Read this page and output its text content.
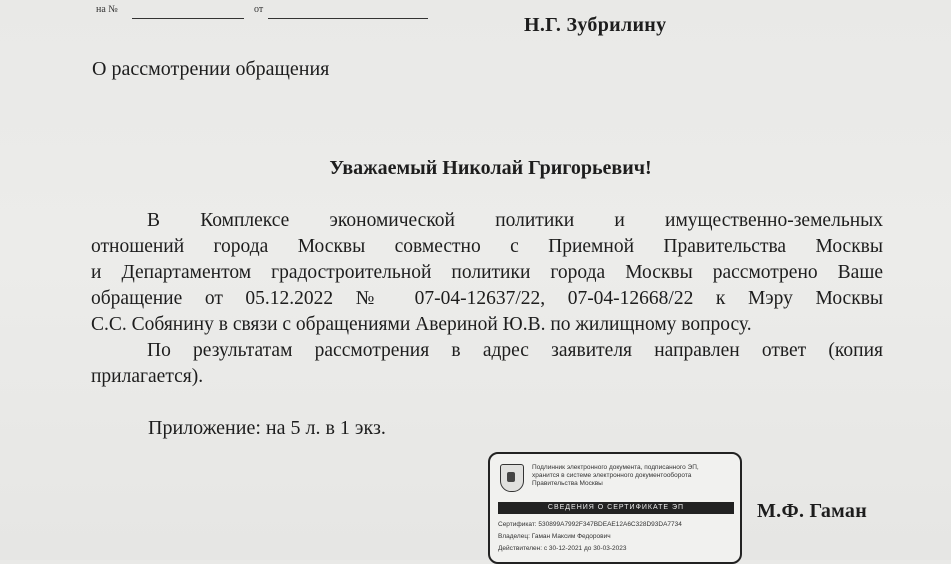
на №	от
Н.Г. Зубрилину
О рассмотрении обращения
Уважаемый Николай Григорьевич!

В Комплексе экономической политики и имущественно-земельных

отношений города Москвы совместно с Приемной Правительства Москвы
и Департаментом градостроительной политики города Москвы рассмотрено Ваше
обращение от 05.12.2022 № 07-04-12637/22, 07-04-12668/22 к Мэру Москвы
С.С. Собянину в связи с обращениями Авериной Ю.В. по жилищному вопросу.

По результатам рассмотрения в адрес заявителя направлен ответ (копия

прилагается).

Приложение: на 5 л. в 1 экз.
Подлинник электронного документа, подписанного ЭП,
хранится в системе электронного документооборота
Правительства Москвы
СВЕДЕНИЯ О СЕРТИФИКАТЕ ЭП
Сертификат: 530899A7992F347BDEAE12A6C328D93DA7734
Владелец: Гаман Максим Федорович
Действителен: с 30-12-2021 до 30-03-2023
М.Ф. Гаман
